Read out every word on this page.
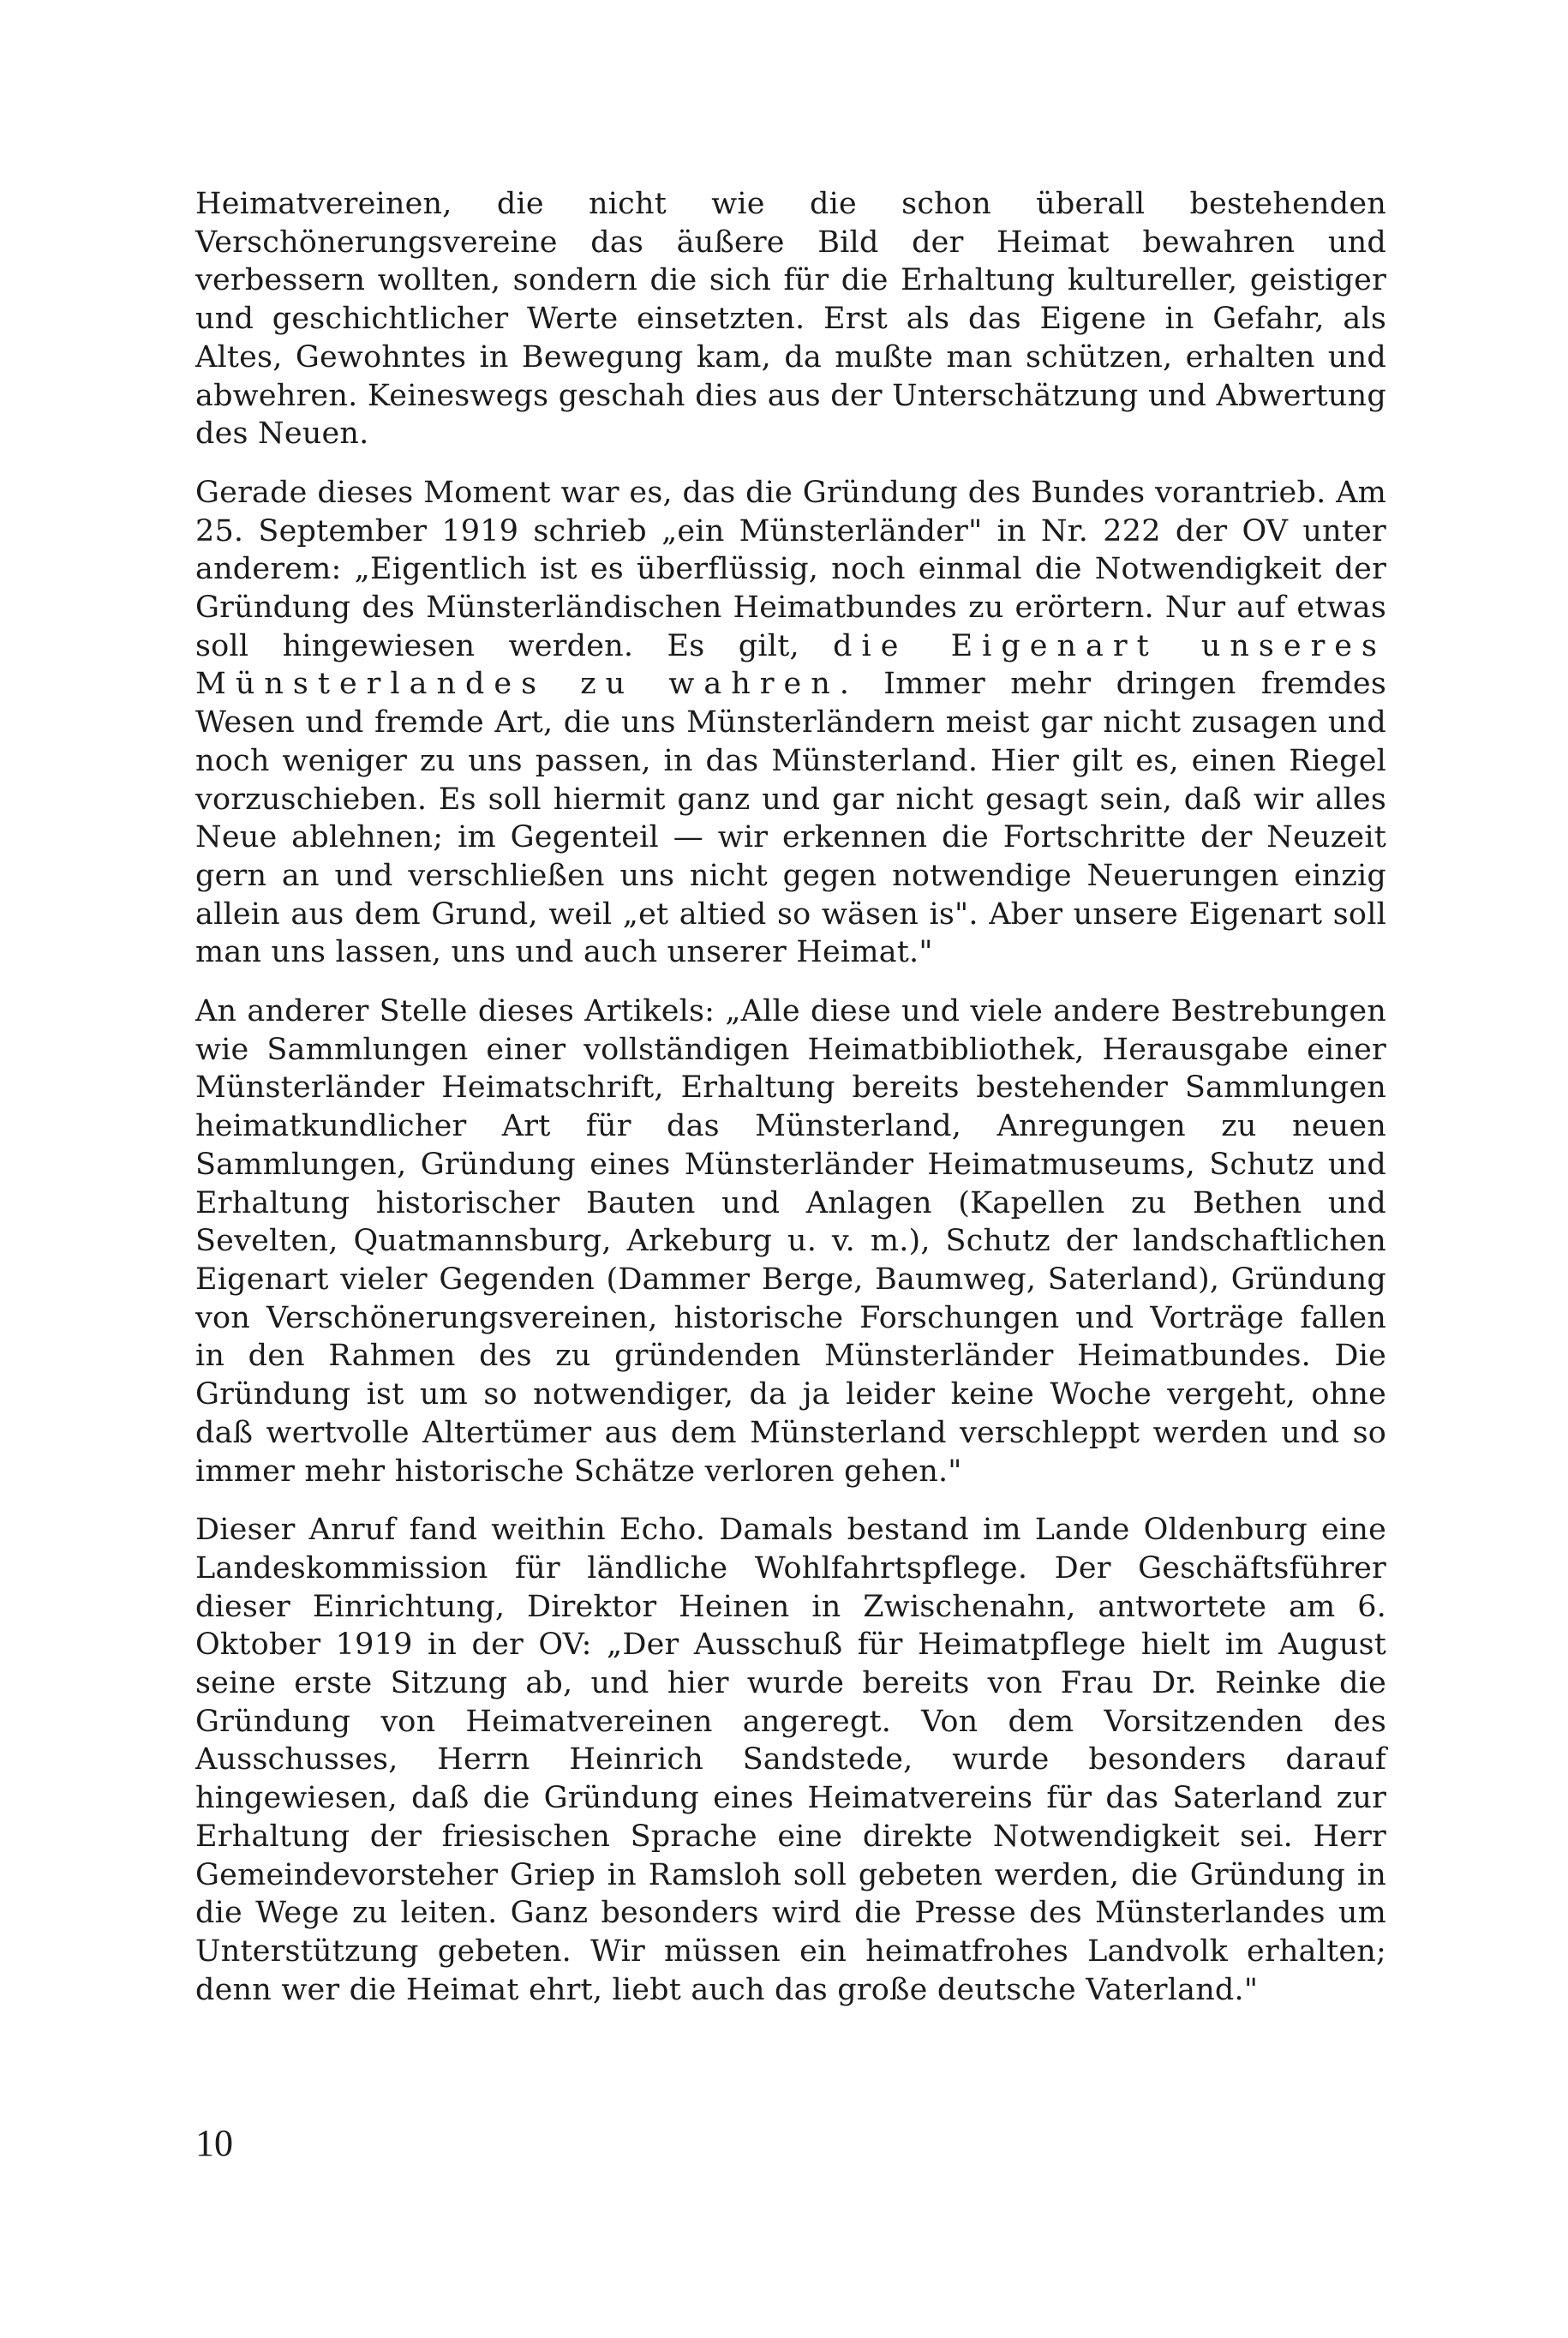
Heimatvereinen, die nicht wie die schon überall bestehenden Verschönerungsvereine das äußere Bild der Heimat bewahren und verbessern wollten, sondern die sich für die Erhaltung kultureller, geistiger und geschichtlicher Werte einsetzten. Erst als das Eigene in Gefahr, als Altes, Gewohntes in Bewegung kam, da mußte man schützen, erhalten und abwehren. Keineswegs geschah dies aus der Unterschätzung und Abwertung des Neuen.

Gerade dieses Moment war es, das die Gründung des Bundes vorantrieb. Am 25. September 1919 schrieb „ein Münsterländer" in Nr. 222 der OV unter anderem: „Eigentlich ist es überflüssig, noch einmal die Notwendigkeit der Gründung des Münsterländischen Heimatbundes zu erörtern. Nur auf etwas soll hingewiesen werden. Es gilt, die Eigenart unseres Münsterlandes zu wahren. Immer mehr dringen fremdes Wesen und fremde Art, die uns Münsterländern meist gar nicht zusagen und noch weniger zu uns passen, in das Münsterland. Hier gilt es, einen Riegel vorzuschieben. Es soll hiermit ganz und gar nicht gesagt sein, daß wir alles Neue ablehnen; im Gegenteil — wir erkennen die Fortschritte der Neuzeit gern an und verschließen uns nicht gegen notwendige Neuerungen einzig allein aus dem Grund, weil „et altied so wäsen is". Aber unsere Eigenart soll man uns lassen, uns und auch unserer Heimat."

An anderer Stelle dieses Artikels: „Alle diese und viele andere Bestrebungen wie Sammlungen einer vollständigen Heimatbibliothek, Herausgabe einer Münsterländer Heimatschrift, Erhaltung bereits bestehender Sammlungen heimatkundlicher Art für das Münsterland, Anregungen zu neuen Sammlungen, Gründung eines Münsterländer Heimatmuseums, Schutz und Erhaltung historischer Bauten und Anlagen (Kapellen zu Bethen und Sevelten, Quatmannsburg, Arkeburg u. v. m.), Schutz der landschaftlichen Eigenart vieler Gegenden (Dammer Berge, Baumweg, Saterland), Gründung von Verschönerungsvereinen, historische Forschungen und Vorträge fallen in den Rahmen des zu gründenden Münsterländer Heimatbundes. Die Gründung ist um so notwendiger, da ja leider keine Woche vergeht, ohne daß wertvolle Altertümer aus dem Münsterland verschleppt werden und so immer mehr historische Schätze verloren gehen."

Dieser Anruf fand weithin Echo. Damals bestand im Lande Oldenburg eine Landeskommission für ländliche Wohlfahrtspflege. Der Geschäftsführer dieser Einrichtung, Direktor Heinen in Zwischenahn, antwortete am 6. Oktober 1919 in der OV: „Der Ausschuß für Heimatpflege hielt im August seine erste Sitzung ab, und hier wurde bereits von Frau Dr. Reinke die Gründung von Heimatvereinen angeregt. Von dem Vorsitzenden des Ausschusses, Herrn Heinrich Sandstede, wurde besonders darauf hingewiesen, daß die Gründung eines Heimatvereins für das Saterland zur Erhaltung der friesischen Sprache eine direkte Notwendigkeit sei. Herr Gemeindevorsteher Griep in Ramsloh soll gebeten werden, die Gründung in die Wege zu leiten. Ganz besonders wird die Presse des Münsterlandes um Unterstützung gebeten. Wir müssen ein heimatfrohes Landvolk erhalten; denn wer die Heimat ehrt, liebt auch das große deutsche Vaterland."

10
